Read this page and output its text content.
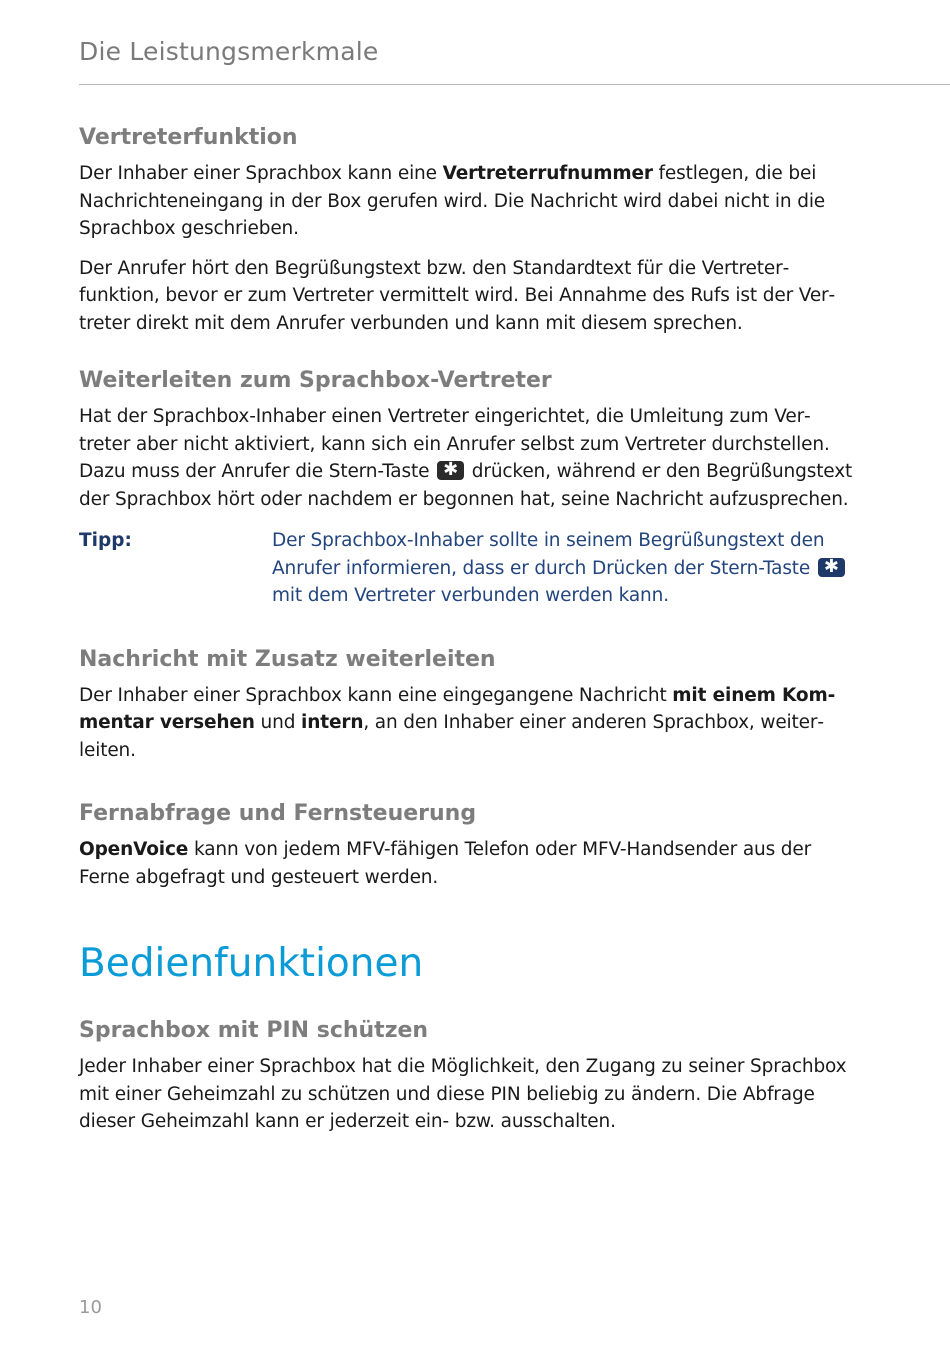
Die Leistungsmerkmale
Vertreterfunktion

Der Inhaber einer Sprachbox kann eine Vertreterrufnummer festlegen, die bei Nachrichteneingang in der Box gerufen wird. Die Nachricht wird dabei nicht in die Sprachbox geschrieben.

Der Anrufer hört den Begrüßungstext bzw. den Standardtext für die Vertreterfunktion, bevor er zum Vertreter vermittelt wird. Bei Annahme des Rufs ist der Vertreter direkt mit dem Anrufer verbunden und kann mit diesem sprechen.

Weiterleiten zum Sprachbox-Vertreter

Hat der Sprachbox-Inhaber einen Vertreter eingerichtet, die Umleitung zum Vertreter aber nicht aktiviert, kann sich ein Anrufer selbst zum Vertreter durchstellen. Dazu muss der Anrufer die Stern-Taste ✱ drücken, während er den Begrüßungstext der Sprachbox hört oder nachdem er begonnen hat, seine Nachricht aufzusprechen.

Tipp:	Der Sprachbox-Inhaber sollte in seinem Begrüßungstext den Anrufer informieren, dass er durch Drücken der Stern-Taste ✱
mit dem Vertreter verbunden werden kann.
Nachricht mit Zusatz weiterleiten

Der Inhaber einer Sprachbox kann eine eingegangene Nachricht mit einem Kommentar versehen und intern, an den Inhaber einer anderen Sprachbox, weiterleiten.

Fernabfrage und Fernsteuerung

OpenVoice kann von jedem MFV-fähigen Telefon oder MFV-Handsender aus der Ferne abgefragt und gesteuert werden.

Bedienfunktionen
Sprachbox mit PIN schützen

Jeder Inhaber einer Sprachbox hat die Möglichkeit, den Zugang zu seiner Sprachbox mit einer Geheimzahl zu schützen und diese PIN beliebig zu ändern. Die Abfrage dieser Geheimzahl kann er jederzeit ein- bzw. ausschalten.

10
